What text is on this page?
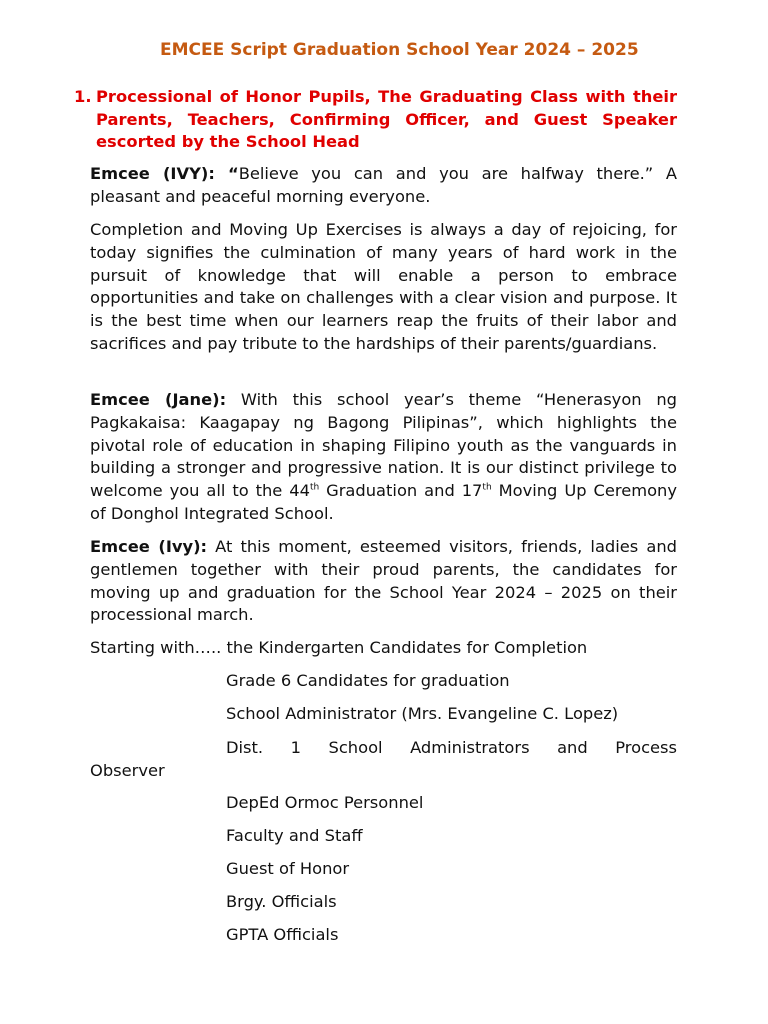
EMCEE Script Graduation School Year 2024 – 2025
1. Processional of Honor Pupils, The Graduating Class with their Parents, Teachers, Confirming Officer, and Guest Speaker escorted by the School Head

Emcee (IVY): “Believe you can and you are halfway there.” A pleasant and peaceful morning everyone.

Completion and Moving Up Exercises is always a day of rejoicing, for today signifies the culmination of many years of hard work in the pursuit of knowledge that will enable a person to embrace opportunities and take on challenges with a clear vision and purpose. It is the best time when our learners reap the fruits of their labor and sacrifices and pay tribute to the hardships of their parents/guardians.

Emcee (Jane): With this school year’s theme “Henerasyon ng Pagkakaisa: Kaagapay ng Bagong Pilipinas”, which highlights the pivotal role of education in shaping Filipino youth as the vanguards in building a stronger and progressive nation. It is our distinct privilege to welcome you all to the 44th Graduation and 17th Moving Up Ceremony of Donghol Integrated School.

Emcee (Ivy): At this moment, esteemed visitors, friends, ladies and gentlemen together with their proud parents, the candidates for moving up and graduation for the School Year 2024 – 2025 on their processional march.

Starting with….. the Kindergarten Candidates for Completion

Grade 6 Candidates for graduation
School Administrator (Mrs. Evangeline C. Lopez)
Dist. 1 School Administrators and Process
Observer
DepEd Ormoc Personnel
Faculty and Staff
Guest of Honor
Brgy. Officials
GPTA Officials
